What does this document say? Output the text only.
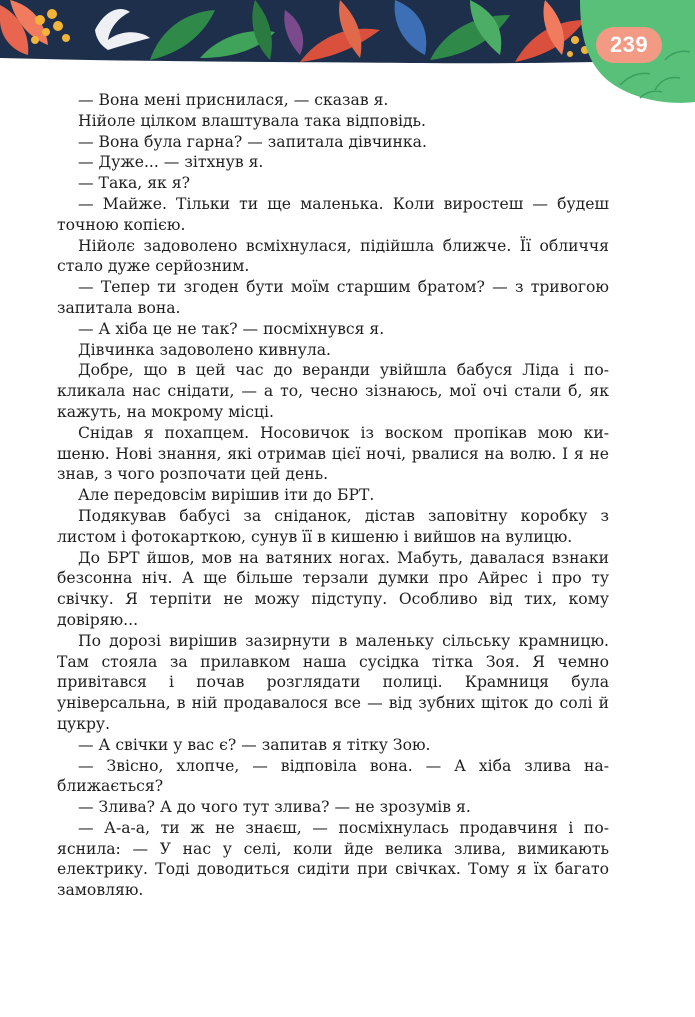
239

— Вона мені приснилася, — сказав я.

Нійоле цілком влаштувала така відповідь.

— Вона була гарна? — запитала дівчинка.

— Дуже... — зітхнув я.

— Така, як я?

— Майже. Тільки ти ще маленька. Коли виростеш — будеш точною копією.

Нійолє задоволено всміхнулася, підійшла ближче. Її обличчя стало дуже серйозним.

— Тепер ти згоден бути моїм старшим братом? — з тривогою запитала вона.

— А хіба це не так? — посміхнувся я.

Дівчинка задоволено кивнула.

Добре, що в цей час до веранди увійшла бабуся Ліда і покликала нас снідати, — а то, чесно зізнаюсь, мої очі стали б, як кажуть, на мокрому місці.

Снідав я похапцем. Носовичок із воском пропікав мою кишеню. Нові знання, які отримав цієї ночі, рвалися на волю. І я не знав, з чого розпочати цей день.

Але передовсім вирішив іти до БРТ.

Подякував бабусі за сніданок, дістав заповітну коробку з листом і фотокарткою, сунув її в кишеню і вийшов на вулицю.

До БРТ йшов, мов на ватяних ногах. Мабуть, давалася взнаки безсонна ніч. А ще більше терзали думки про Айрес і про ту свічку. Я терпіти не можу підступу. Особливо від тих, кому довіряю...

По дорозі вирішив зазирнути в маленьку сільську крамницю. Там стояла за прилавком наша сусідка тітка Зоя. Я чемно привітався і почав розглядати полиці. Крамниця була універсальна, в ній продавалося все — від зубних щіток до солі й цукру.

— А свічки у вас є? — запитав я тітку Зою.

— Звісно, хлопче, — відповіла вона. — А хіба злива наближається?

— Злива? А до чого тут злива? — не зрозумів я.

— А-а-а, ти ж не знаєш, — посміхнулась продавчиня і пояснила: — У нас у селі, коли йде велика злива, вимикають електрику. Тоді доводиться сидіти при свічках. Тому я їх багато замовляю.
